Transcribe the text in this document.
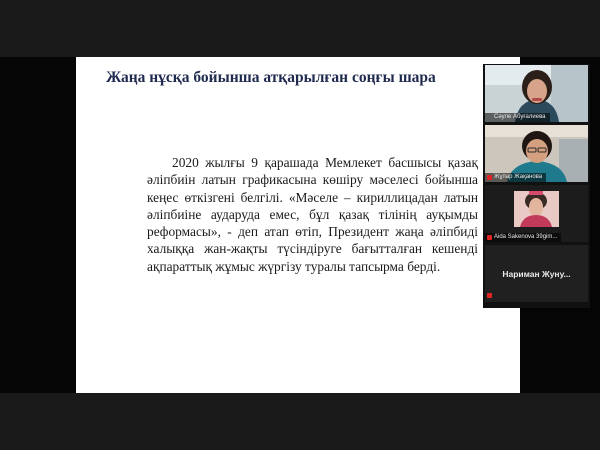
Жаңа нұсқа бойынша атқарылған соңғы шара

2020 жылғы 9 қарашада Мемлекет басшысы қазақ әліпбиін латын графикасына көшіру мәселесі бойынша кеңес өткізгені белгілі. «Мәселе – кириллицадан латын әліпбиіне аударуда емес, бұл қазақ тілінің ауқымды реформасы», - деп атап өтіп, Президент жаңа әліпбиді халыққа жан-жақты түсіндіруге бағытталған кешенді ақпараттық жұмыс жүргізу туралы тапсырма берді.

Сәуле Абуғалиева
Жұпар Жақанова
Aida Sakenova 39gim...
Нариман Жуну...
